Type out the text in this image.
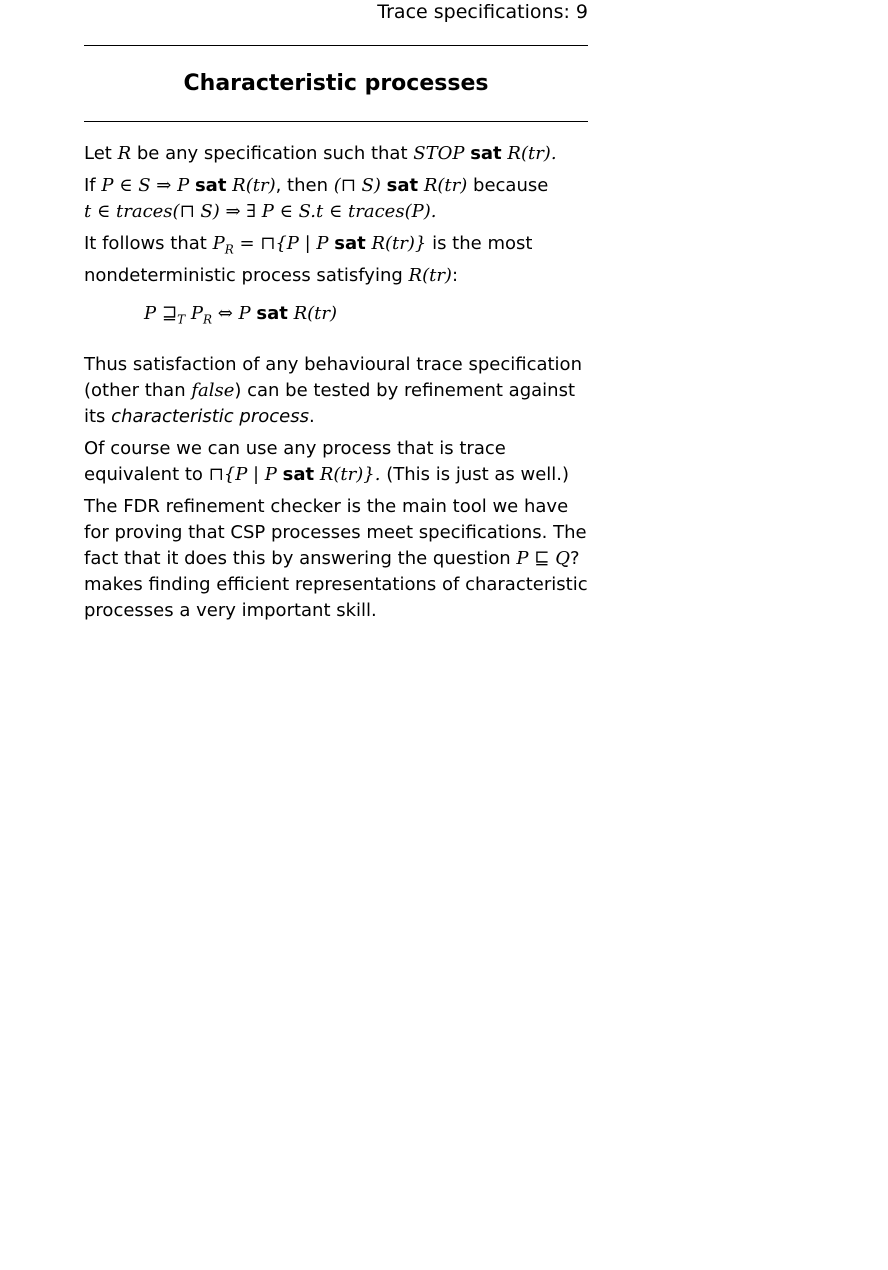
Trace specifications: 9
Characteristic processes

Let R be any specification such that STOP sat R(tr).

If P ∈ S ⇒ P sat R(tr), then (⊓ S) sat R(tr) because
t ∈ traces(⊓ S) ⇒ ∃ P ∈ S.t ∈ traces(P).

It follows that $P_R$ = ⊓{P | P sat R(tr)} is the most nondeterministic process satisfying R(tr):

P $⊒_T$ $P_R$ ⇔ P sat R(tr)

Thus satisfaction of any behavioural trace specification (other than false) can be tested by refinement against its characteristic process.

Of course we can use any process that is trace equivalent to ⊓{P | P sat R(tr)}. (This is just as well.)

The FDR refinement checker is the main tool we have for proving that CSP processes meet specifications. The fact that it does this by answering the question P ⊑ Q? makes finding efficient representations of characteristic processes a very important skill.
